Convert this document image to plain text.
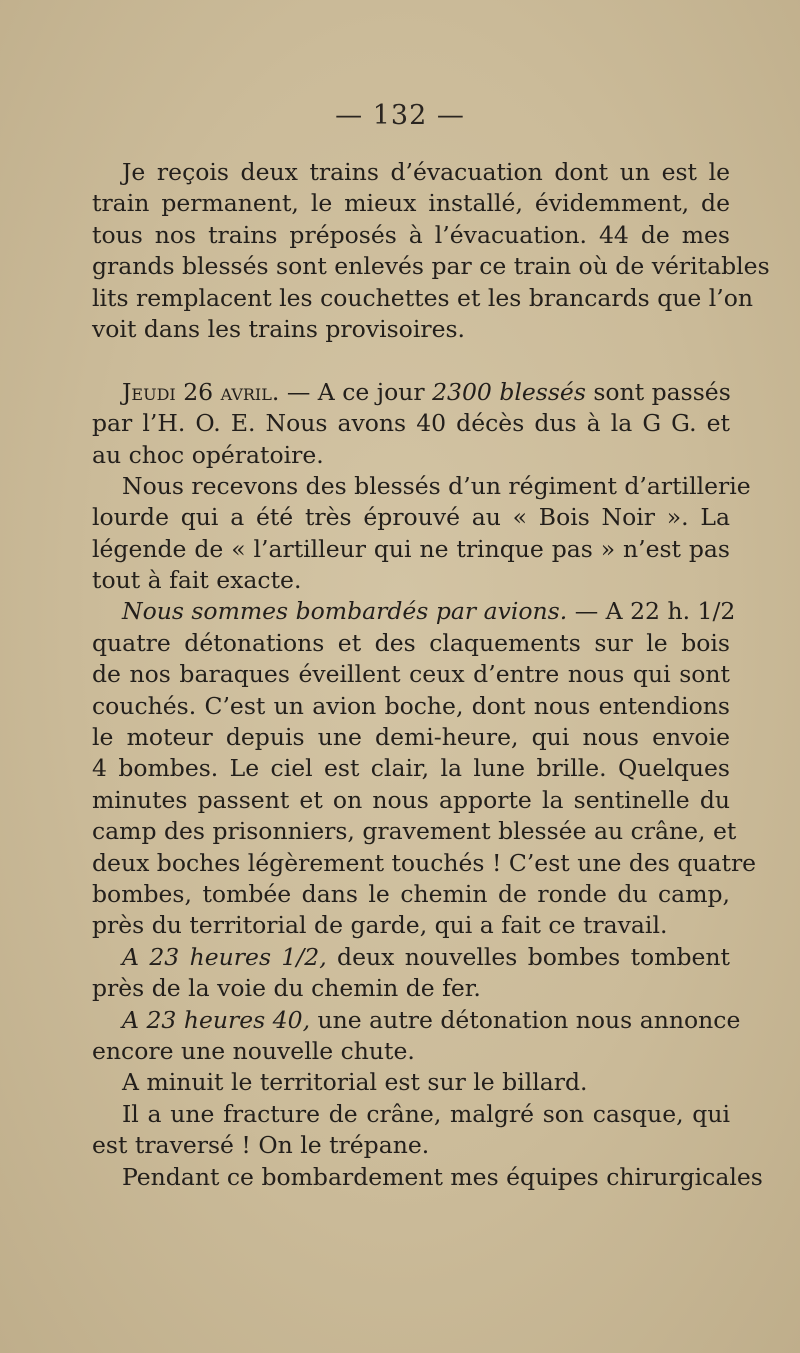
— 132 —
Je reçois deux trains d’évacuation dont un est le
train permanent, le mieux installé, évidemment, de
tous nos trains préposés à l’évacuation. 44 de mes
grands blessés sont enlevés par ce train où de véritables
lits remplacent les couchettes et les brancards que l’on
voit dans les trains provisoires.
Jeudi 26 avril. — A ce jour 2300 blessés sont passés
par l’H. O. E. Nous avons 40 décès dus à la G G. et
au choc opératoire.
Nous recevons des blessés d’un régiment d’artillerie
lourde qui a été très éprouvé au « Bois Noir ». La
légende de « l’artilleur qui ne trinque pas » n’est pas
tout à fait exacte.
Nous sommes bombardés par avions. — A 22 h. 1/2
quatre détonations et des claquements sur le bois
de nos baraques éveillent ceux d’entre nous qui sont
couchés. C’est un avion boche, dont nous entendions
le moteur depuis une demi-heure, qui nous envoie
4 bombes. Le ciel est clair, la lune brille. Quelques
minutes passent et on nous apporte la sentinelle du
camp des prisonniers, gravement blessée au crâne, et
deux boches légèrement touchés ! C’est une des quatre
bombes, tombée dans le chemin de ronde du camp,
près du territorial de garde, qui a fait ce travail.
A 23 heures 1/2, deux nouvelles bombes tombent
près de la voie du chemin de fer.
A 23 heures 40, une autre détonation nous annonce
encore une nouvelle chute.
A minuit le territorial est sur le billard.
Il a une fracture de crâne, malgré son casque, qui
est traversé ! On le trépane.
Pendant ce bombardement mes équipes chirurgicales
